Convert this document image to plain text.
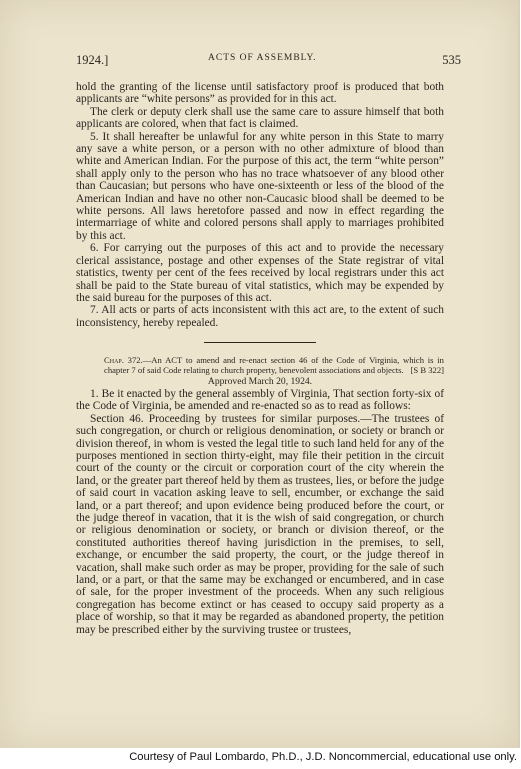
1924.]	ACTS OF ASSEMBLY.	535

hold the granting of the license until satisfactory proof is produced that both applicants are “white persons” as provided for in this act.

The clerk or deputy clerk shall use the same care to assure himself that both applicants are colored, when that fact is claimed.

5. It shall hereafter be unlawful for any white person in this State to marry any save a white person, or a person with no other admixture of blood than white and American Indian. For the purpose of this act, the term “white person” shall apply only to the person who has no trace whatsoever of any blood other than Caucasian; but persons who have one-sixteenth or less of the blood of the American Indian and have no other non-Caucasic blood shall be deemed to be white persons. All laws heretofore passed and now in effect regarding the intermarriage of white and colored persons shall apply to marriages prohibited by this act.

6. For carrying out the purposes of this act and to provide the necessary clerical assistance, postage and other expenses of the State registrar of vital statistics, twenty per cent of the fees received by local registrars under this act shall be paid to the State bureau of vital statistics, which may be expended by the said bureau for the purposes of this act.

7. All acts or parts of acts inconsistent with this act are, to the extent of such inconsistency, hereby repealed.

Chap. 372.—An ACT to amend and re-enact section 46 of the Code of Virginia, which is in chapter 7 of said Code relating to church property, benevolent associations and objects. [S B 322]

Approved March 20, 1924.

1. Be it enacted by the general assembly of Virginia, That section forty-six of the Code of Virginia, be amended and re-enacted so as to read as follows:

Section 46. Proceeding by trustees for similar purposes.—The trustees of such congregation, or church or religious denomination, or society or branch or division thereof, in whom is vested the legal title to such land held for any of the purposes mentioned in section thirty-eight, may file their petition in the circuit court of the county or the circuit or corporation court of the city wherein the land, or the greater part thereof held by them as trustees, lies, or before the judge of said court in vacation asking leave to sell, encumber, or exchange the said land, or a part thereof; and upon evidence being produced before the court, or the judge thereof in vacation, that it is the wish of said congregation, or church or religious denomination or society, or branch or division thereof, or the constituted authorities thereof having jurisdiction in the premises, to sell, exchange, or encumber the said property, the court, or the judge thereof in vacation, shall make such order as may be proper, providing for the sale of such land, or a part, or that the same may be exchanged or encumbered, and in case of sale, for the proper investment of the proceeds. When any such religious congregation has become extinct or has ceased to occupy said property as a place of worship, so that it may be regarded as abandoned property, the petition may be prescribed either by the surviving trustee or trustees,

Courtesy of Paul Lombardo, Ph.D., J.D. Noncommercial, educational use only.
